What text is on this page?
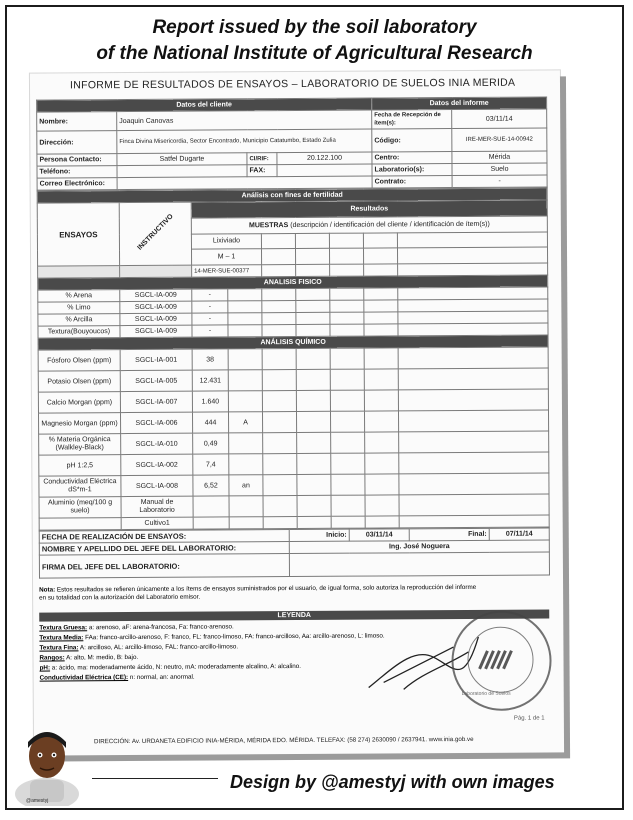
Report issued by the soil laboratory
of the National Institute of Agricultural Research
INFORME DE RESULTADOS DE ENSAYOS – LABORATORIO DE SUELOS INIA MERIDA
Datos del cliente				Datos del informe	
Nombre:	Joaquin Canovas			Fecha de Recepción de ítem(s):	03/11/14
Dirección:	Finca Divina Misericordia, Sector Encontrado, Municipio Catatumbo, Estado Zulia			Código:	IRE-MER-SUE-14-00942
Persona Contacto:	Satfel Dugarte	CI/RIF:	20.122.100	Centro:	Mérida
Teléfono:		FAX:		Laboratorio(s):	Suelo
Correo Electrónico:				Contrato:	-
Análisis con fines de fertilidad								
ENSAYOS	INSTRUCTIVO	Resultados						
		MUESTRAS (descripción / identificación del cliente / identificación de ítem(s))						
		Lixiviado						
		M – 1						
		14-MER-SUE-00377						
ANALISIS FISICO								
% Arena	SGCL-IA-009	-						
% Limo	SGCL-IA-009	-						
% Arcilla	SGCL-IA-009	-						
Textura(Bouyoucos)	SGCL-IA-009	-						
ANÁLISIS QUÍMICO								
Fósforo Olsen (ppm)	SGCL-IA-001	38						
Potasio Olsen (ppm)	SGCL-IA-005	12.431						
Calcio Morgan (ppm)	SGCL-IA-007	1.640						
Magnesio Morgan (ppm)	SGCL-IA-006	444	A					
% Materia Orgánica (Walkley-Black)	SGCL-IA-010	0,49						
pH 1:2,5	SGCL-IA-002	7,4						
Conductividad Eléctrica dS*m-1	SGCL-IA-008	6,52	an					
Aluminio (meq/100 g suelo)	Manual de Laboratorio							
	Cultivo1							
FECHA DE REALIZACIÓN DE ENSAYOS:	Inicio:	03/11/14	Final:	07/11/14
NOMBRE Y APELLIDO DEL JEFE DEL LABORATORIO:	Ing. José Noguera			
FIRMA DEL JEFE DEL LABORATORIO:				
Nota: Estos resultados se refieren únicamente a los ítems de ensayos suministrados por el usuario, de igual forma, solo autoriza la reproducción del informe en su totalidad con la autorización del Laboratorio emisor.
LEYENDA
Textura Gruesa: a: arenoso, aF: arena-francosa, Fa: franco-arenoso.
Textura Media: FAa: franco-arcillo-arenoso, F: franco, FL: franco-limoso, FA: franco-arcilloso, Aa: arcillo-arenoso, L: limoso.
Textura Fina: A: arcilloso, AL: arcillo-limoso, FAL: franco-arcillo-limoso.
Rangos: A: alto, M: medio, B: bajo.
pH: a: ácido, ma: moderadamente ácido, N: neutro, mA: moderadamente alcalino, A: alcalino.
Conductividad Eléctrica (CE): n: normal, an: anormal.
Laboratorio de Suelos
Pág. 1 de 1
DIRECCIÓN: Av. URDANETA EDIFICIO INIA-MÉRIDA, MÉRIDA EDO. MÉRIDA. TELEFAX: (58 274) 2630090 / 2637941. www.inia.gob.ve
@amestyj
Design by @amestyj with own images
